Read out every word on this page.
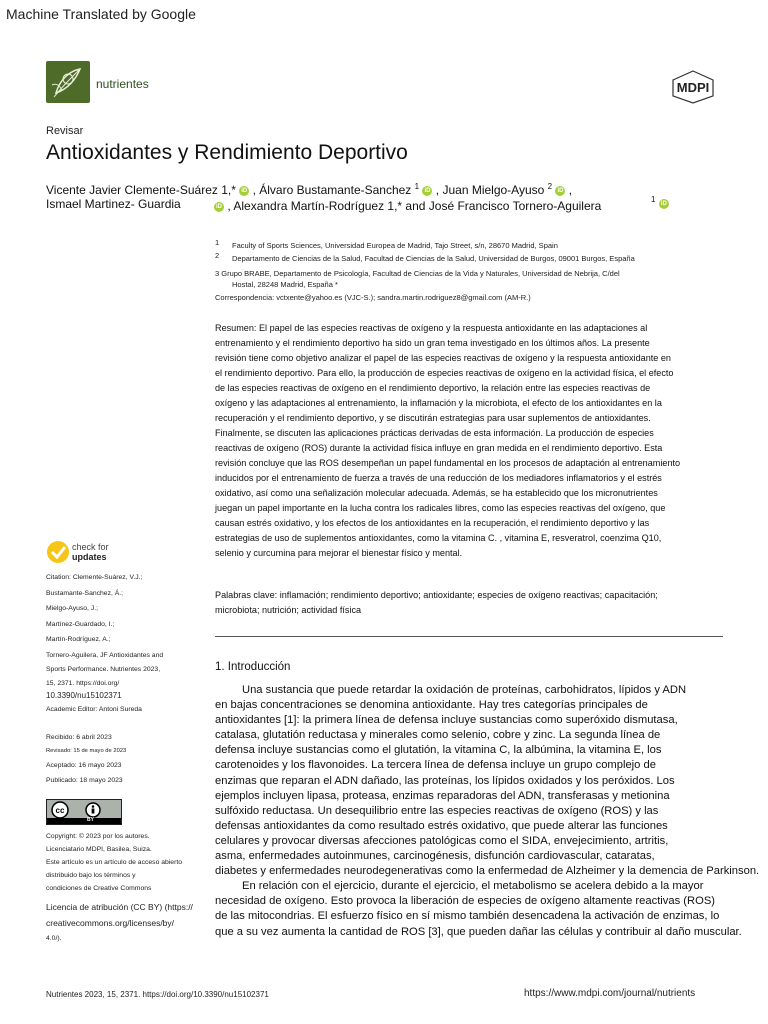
Machine Translated by Google
nutrientes	MDPI
Revisar
Antioxidantes y Rendimiento Deportivo
Vicente Javier Clemente-Suárez 1,* iD , Álvaro Bustamante-Sanchez $^1$ iD , Juan Mielgo-Ayuso $^2$ iD ,
Ismael Martinez- Guardia	iD , Alexandra Martín-Rodríguez 1,* and José Francisco Tornero-Aguilera	$^1$ iD
1 Faculty of Sports Sciences, Universidad Europea de Madrid, Tajo Street, s/n, 28670 Madrid, Spain
2 Departamento de Ciencias de la Salud, Facultad de Ciencias de la Salud, Universidad de Burgos, 09001 Burgos, España
3 Grupo BRABE, Departamento de Psicología, Facultad de Ciencias de la Vida y Naturales, Universidad de Nebrija, C/del
Hostal, 28248 Madrid, España *
Correspondencia: vctxente@yahoo.es (VJC-S.); sandra.martin.rodriguez8@gmail.com (AM-R.)
Resumen: El papel de las especies reactivas de oxígeno y la respuesta antioxidante en las adaptaciones al
entrenamiento y el rendimiento deportivo ha sido un gran tema investigado en los últimos años. La presente
revisión tiene como objetivo analizar el papel de las especies reactivas de oxígeno y la respuesta antioxidante en
el rendimiento deportivo. Para ello, la producción de especies reactivas de oxígeno en la actividad física, el efecto
de las especies reactivas de oxígeno en el rendimiento deportivo, la relación entre las especies reactivas de
oxígeno y las adaptaciones al entrenamiento, la inflamación y la microbiota, el efecto de los antioxidantes en la
recuperación y el rendimiento deportivo, y se discutirán estrategias para usar suplementos de antioxidantes.
Finalmente, se discuten las aplicaciones prácticas derivadas de esta información. La producción de especies
reactivas de oxígeno (ROS) durante la actividad física influye en gran medida en el rendimiento deportivo. Esta
revisión concluye que las ROS desempeñan un papel fundamental en los procesos de adaptación al entrenamiento
inducidos por el entrenamiento de fuerza a través de una reducción de los mediadores inflamatorios y el estrés
oxidativo, así como una señalización molecular adecuada. Además, se ha establecido que los micronutrientes
juegan un papel importante en la lucha contra los radicales libres, como las especies reactivas del oxígeno, que
causan estrés oxidativo, y los efectos de los antioxidantes en la recuperación, el rendimiento deportivo y las
estrategias de uso de suplementos antioxidantes, como la vitamina C. , vitamina E, resveratrol, coenzima Q10,
selenio y curcumina para mejorar el bienestar físico y mental.
Palabras clave: inflamación; rendimiento deportivo; antioxidante; especies de oxígeno reactivas; capacitación;
microbiota; nutrición; actividad física
1. Introducción

Una sustancia que puede retardar la oxidación de proteínas, carbohidratos, lípidos y ADN
en bajas concentraciones se denomina antioxidante. Hay tres categorías principales de
antioxidantes [1]: la primera línea de defensa incluye sustancias como superóxido dismutasa,
catalasa, glutatión reductasa y minerales como selenio, cobre y zinc. La segunda línea de
defensa incluye sustancias como el glutatión, la vitamina C, la albúmina, la vitamina E, los
carotenoides y los flavonoides. La tercera línea de defensa incluye un grupo complejo de
enzimas que reparan el ADN dañado, las proteínas, los lípidos oxidados y los peróxidos. Los
ejemplos incluyen lipasa, proteasa, enzimas reparadoras del ADN, transferasas y metionina
sulfóxido reductasa. Un desequilibrio entre las especies reactivas de oxígeno (ROS) y las
defensas antioxidantes da como resultado estrés oxidativo, que puede alterar las funciones
celulares y provocar diversas afecciones patológicas como el SIDA, envejecimiento, artritis,
asma, enfermedades autoinmunes, carcinogénesis, disfunción cardiovascular, cataratas,
diabetes y enfermedades neurodegenerativas como la enfermedad de Alzheimer y la demencia de Parkinson.

En relación con el ejercicio, durante el ejercicio, el metabolismo se acelera debido a la mayor
necesidad de oxígeno. Esto provoca la liberación de especies de oxígeno altamente reactivas (ROS)
de las mitocondrias. El esfuerzo físico en sí mismo también desencadena la activación de enzimas, lo
que a su vez aumenta la cantidad de ROS [3], que pueden dañar las células y contribuir al daño muscular.

check for
updates
Citation: Clemente-Suárez, V.J.;
Bustamante-Sanchez, Á.;
Mielgo-Ayuso, J.;
Martínez-Guardado, I.;
Martín-Rodríguez, A.;
Tornero-Aguilera, JF Antioxidantes and
Sports Performance. Nutrientes 2023,
15, 2371. https://doi.org/
10.3390/nu15102371
Academic Editor: Antoni Sureda
Recibido: 6 abril 2023
Revisado: 15 de mayo de 2023
Aceptado: 16 mayo 2023
Publicado: 18 mayo 2023
cc
BY
Copyright: © 2023 por los autores.
Licenciatario MDPI, Basilea, Suiza.
Este artículo es un artículo de acceso abierto
distribuido bajo los términos y
condiciones de Creative Commons
Licencia de atribución (CC BY) (https://
creativecommons.org/licenses/by/
4.0/).
Nutrientes 2023, 15, 2371. https://doi.org/10.3390/nu15102371	https://www.mdpi.com/journal/nutrients
